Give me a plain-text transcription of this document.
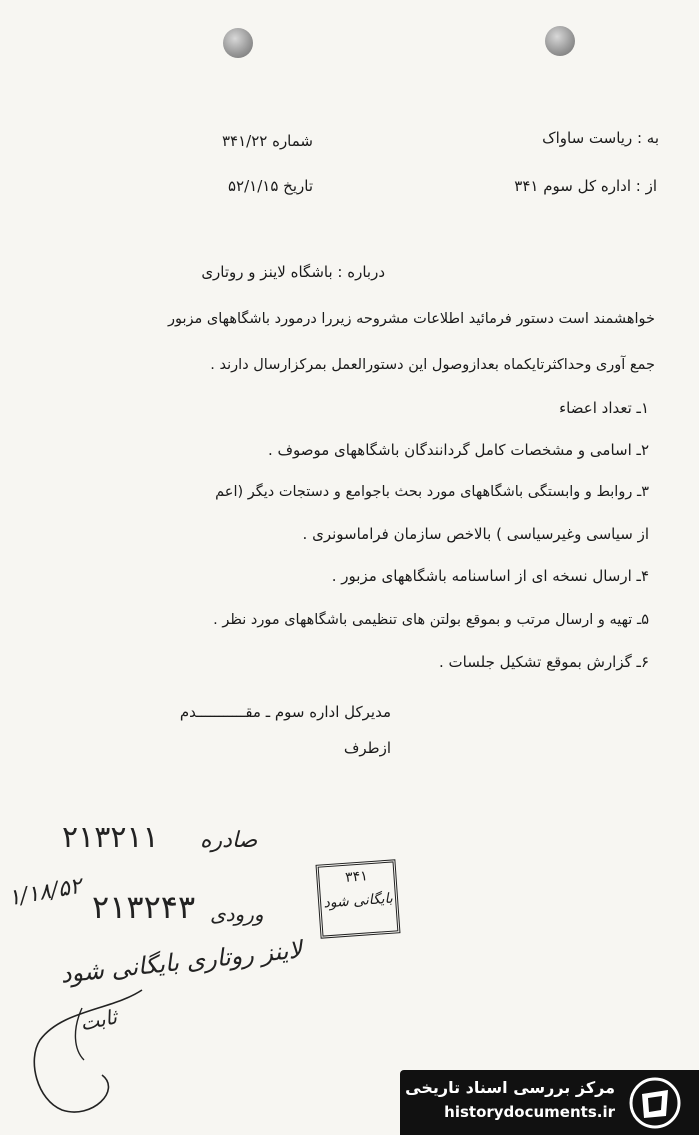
به : ریاست ساواک
شماره ۳۴۱/۲۲
از : اداره کل سوم ۳۴۱
تاریخ ۵۲/۱/۱۵
درباره : باشگاه لاینز و روتاری
خواهشمند است دستور فرمائید اطلاعات مشروحه زیررا درمورد باشگاههای مزبور
جمع آوری وحداکثرتایکماه بعدازوصول این دستورالعمل بمرکزارسال دارند .
۱ـ تعداد اعضاء
۲ـ اسامی و مشخصات کامل گردانندگان باشگاههای موصوف .
۳ـ روابط و وابستگی باشگاههای مورد بحث باجوامع و دستجات دیگر (اعم
از سیاسی وغیرسیاسی ) بالاخص سازمان فراماسونری .
۴ـ ارسال نسخه ای از اساسنامه باشگاههای مزبور .
۵ـ تهیه و ارسال مرتب و بموقع بولتن های تنظیمی باشگاههای مورد نظر .
۶ـ گزارش بموقع تشکیل جلسات .
مدیرکل اداره سوم ـ مقـــــــــــدم
ازطرف
صادره
۲۱۳۲۱۱
ورودی
۲۱۳۲۴۳
۱/۱۸/۵۲
لاینز روتاری بایگانی شود
ثابت
۳۴۱
بایگانی شود
مرکز بررسی اسناد تاریخی
historydocuments.ir
